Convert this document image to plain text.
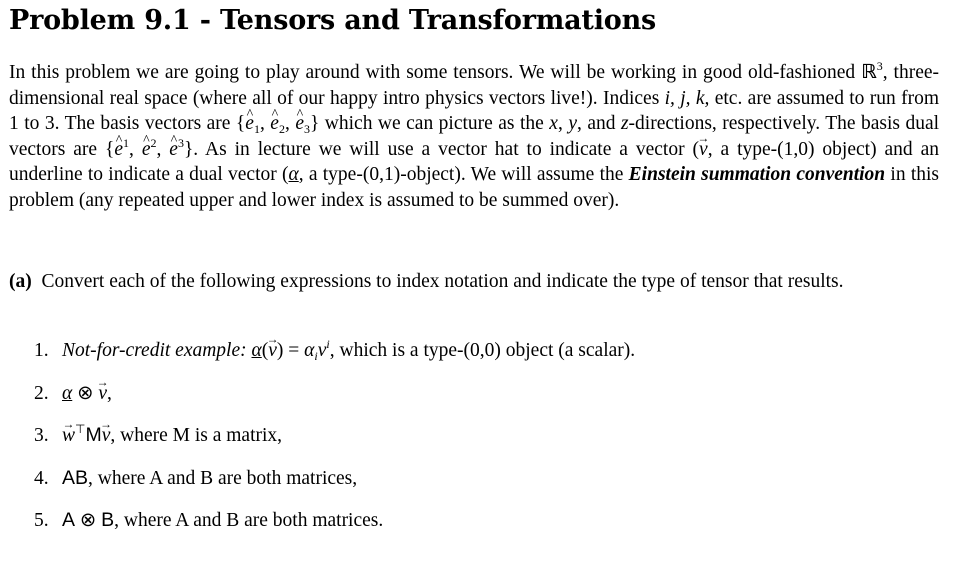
Problem 9.1 - Tensors and Transformations
In this problem we are going to play around with some tensors. We will be working in good old-fashioned ℝ$^3$, three-dimensional real space (where all of our happy intro physics vectors live!). Indices i, j, k, etc. are assumed to run from 1 to 3. The basis vectors are {e $\^{}_1$, e $\^{}_2$, e $\^{}_3$} which we can picture as the x, y, and z-directions, respectively. The basis dual vectors are {e ^$^1$, e ^$^2$, e ^$^3$}. As in lecture we will use a vector hat to indicate a vector (v →, a type-(1,0) object) and an underline to indicate a dual vector (α, a type-(0,1)-object). We will assume the Einstein summation convention in this problem (any repeated upper and lower index is assumed to be summed over).
(a) Convert each of the following expressions to index notation and indicate the type of tensor that results.
1. Not-for-credit example: α(v →) = $\alpha_iv^i$, which is a type-(0,0) object (a scalar).
2. α ⊗ v →,
3. w →⊤Mv →, where M is a matrix,
4. AB, where A and B are both matrices,
5. A ⊗ B, where A and B are both matrices.
